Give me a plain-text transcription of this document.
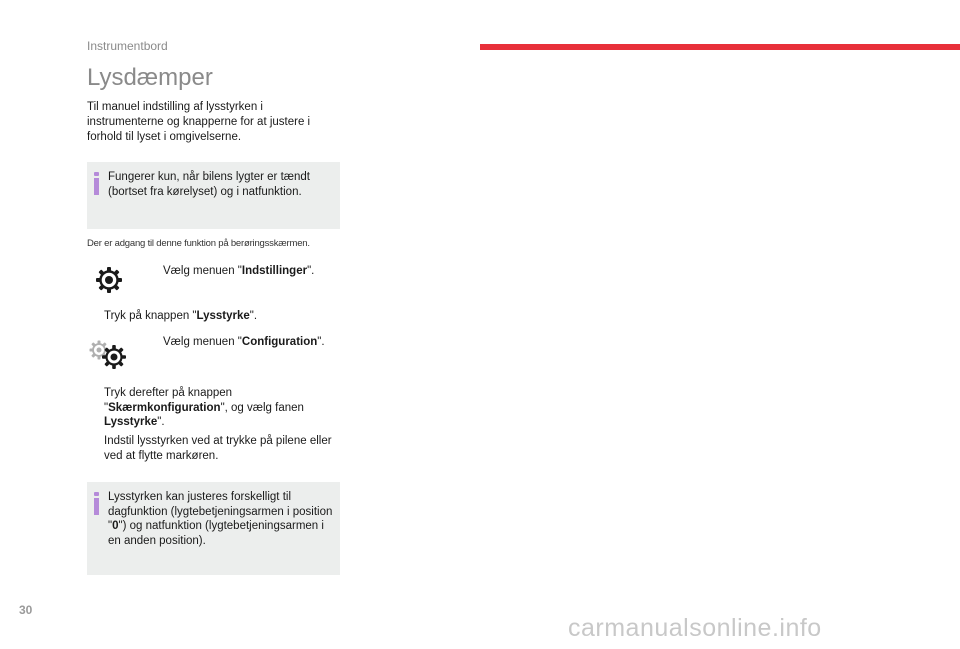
Instrumentbord
Lysdæmper

Til manuel indstilling af lysstyrken i instrumenterne og knapperne for at justere i forhold til lyset i omgivelserne.

Fungerer kun, når bilens lygter er tændt (bortset fra kørelyset) og i natfunktion.

Der er adgang til denne funktion på berøringsskærmen.

Vælg menuen "Indstillinger".

Tryk på knappen "Lysstyrke".

Vælg menuen "Configuration".

Tryk derefter på knappen "Skærmkonfiguration", og vælg fanen Lysstyrke".

Indstil lysstyrken ved at trykke på pilene eller ved at flytte markøren.

Lysstyrken kan justeres forskelligt til dagfunktion (lygtebetjeningsarmen i position "0") og natfunktion (lygtebetjeningsarmen i en anden position).

30
carmanualsonline.info
